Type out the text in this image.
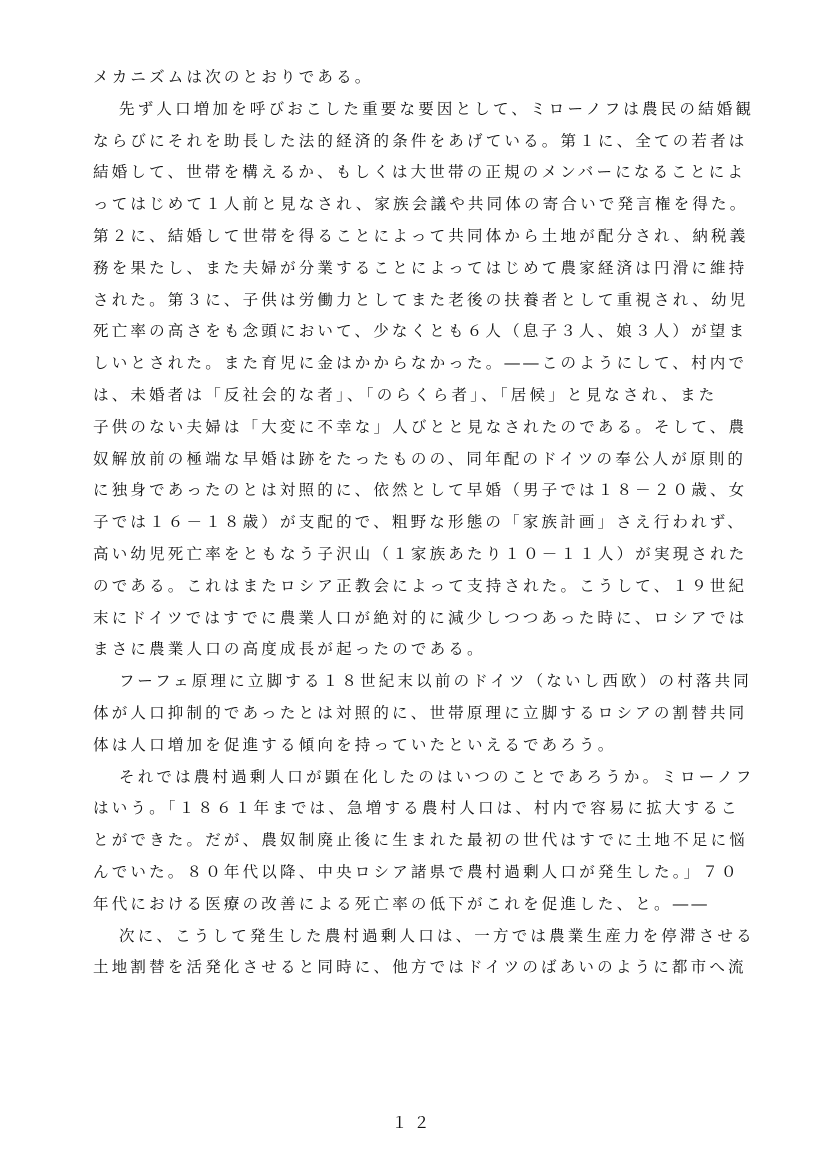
メカニズムは次のとおりである。
先ず人口増加を呼びおこした重要な要因として、ミローノフは農民の結婚観
ならびにそれを助長した法的経済的条件をあげている。第１に、全ての若者は
結婚して、世帯を構えるか、もしくは大世帯の正規のメンバーになることによ
ってはじめて１人前と見なされ、家族会議や共同体の寄合いで発言権を得た。
第２に、結婚して世帯を得ることによって共同体から土地が配分され、納税義
務を果たし、また夫婦が分業することによってはじめて農家経済は円滑に維持
された。第３に、子供は労働力としてまた老後の扶養者として重視され、幼児
死亡率の高さをも念頭において、少なくとも６人（息子３人、娘３人）が望ま
しいとされた。また育児に金はかからなかった。――このようにして、村内で
は、未婚者は「反社会的な者」、「のらくら者」、「居候」と見なされ、また
子供のない夫婦は「大変に不幸な」人びとと見なされたのである。そして、農
奴解放前の極端な早婚は跡をたったものの、同年配のドイツの奉公人が原則的
に独身であったのとは対照的に、依然として早婚（男子では１８－２０歳、女
子では１６－１８歳）が支配的で、粗野な形態の「家族計画」さえ行われず、
高い幼児死亡率をともなう子沢山（１家族あたり１０－１１人）が実現された
のである。これはまたロシア正教会によって支持された。こうして、１９世紀
末にドイツではすでに農業人口が絶対的に減少しつつあった時に、ロシアでは
まさに農業人口の高度成長が起ったのである。
フーフェ原理に立脚する１８世紀末以前のドイツ（ないし西欧）の村落共同
体が人口抑制的であったとは対照的に、世帯原理に立脚するロシアの割替共同
体は人口増加を促進する傾向を持っていたといえるであろう。
それでは農村過剰人口が顕在化したのはいつのことであろうか。ミローノフ
はいう。「１８６１年までは、急増する農村人口は、村内で容易に拡大するこ
とができた。だが、農奴制廃止後に生まれた最初の世代はすでに土地不足に悩
んでいた。８０年代以降、中央ロシア諸県で農村過剰人口が発生した。」７０
年代における医療の改善による死亡率の低下がこれを促進した、と。――
次に、こうして発生した農村過剰人口は、一方では農業生産力を停滞させる
土地割替を活発化させると同時に、他方ではドイツのばあいのように都市へ流
１２
